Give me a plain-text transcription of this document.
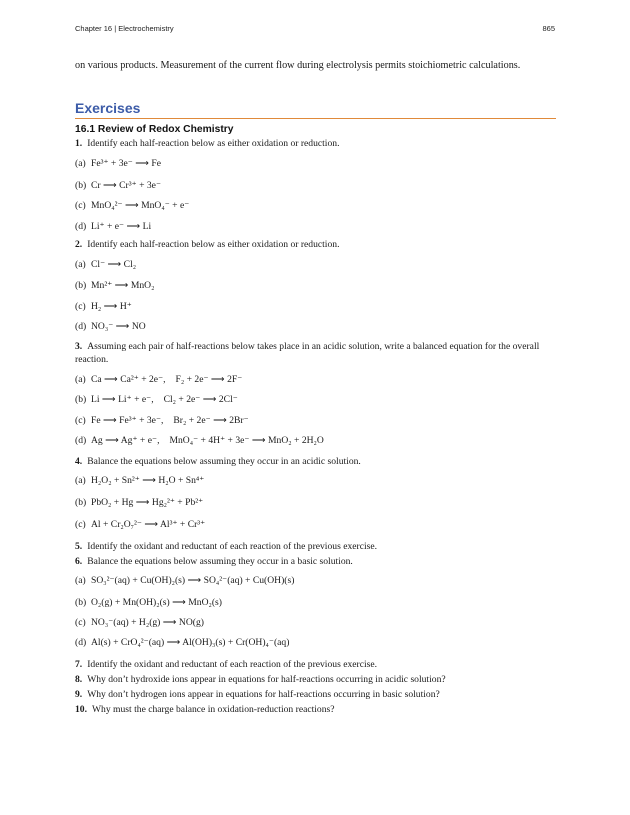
Chapter 16 | Electrochemistry	865
on various products. Measurement of the current flow during electrolysis permits stoichiometric calculations.
Exercises
16.1 Review of Redox Chemistry
1. Identify each half-reaction below as either oxidation or reduction.
(a) Fe³⁺ + 3e⁻ ⟶ Fe
(b) Cr ⟶ Cr³⁺ + 3e⁻
(c) MnO₄²⁻ ⟶ MnO₄⁻ + e⁻
(d) Li⁺ + e⁻ ⟶ Li
2. Identify each half-reaction below as either oxidation or reduction.
(a) Cl⁻ ⟶ Cl₂
(b) Mn²⁺ ⟶ MnO₂
(c) H₂ ⟶ H⁺
(d) NO₃⁻ ⟶ NO
3. Assuming each pair of half-reactions below takes place in an acidic solution, write a balanced equation for the overall reaction.
(a) Ca ⟶ Ca²⁺ + 2e⁻, F₂ + 2e⁻ ⟶ 2F⁻
(b) Li ⟶ Li⁺ + e⁻, Cl₂ + 2e⁻ ⟶ 2Cl⁻
(c) Fe ⟶ Fe³⁺ + 3e⁻, Br₂ + 2e⁻ ⟶ 2Br⁻
(d) Ag ⟶ Ag⁺ + e⁻, MnO₄⁻ + 4H⁺ + 3e⁻ ⟶ MnO₂ + 2H₂O
4. Balance the equations below assuming they occur in an acidic solution.
(a) H₂O₂ + Sn²⁺ ⟶ H₂O + Sn⁴⁺
(b) PbO₂ + Hg ⟶ Hg₂²⁺ + Pb²⁺
(c) Al + Cr₂O₇²⁻ ⟶ Al³⁺ + Cr³⁺
5. Identify the oxidant and reductant of each reaction of the previous exercise.
6. Balance the equations below assuming they occur in a basic solution.
(a) SO₃²⁻(aq) + Cu(OH)₂(s) ⟶ SO₄²⁻(aq) + Cu(OH)(s)
(b) O₂(g) + Mn(OH)₂(s) ⟶ MnO₂(s)
(c) NO₃⁻(aq) + H₂(g) ⟶ NO(g)
(d) Al(s) + CrO₄²⁻(aq) ⟶ Al(OH)₃(s) + Cr(OH)₄⁻(aq)
7. Identify the oxidant and reductant of each reaction of the previous exercise.
8. Why don’t hydroxide ions appear in equations for half-reactions occurring in acidic solution?
9. Why don’t hydrogen ions appear in equations for half-reactions occurring in basic solution?
10. Why must the charge balance in oxidation-reduction reactions?
